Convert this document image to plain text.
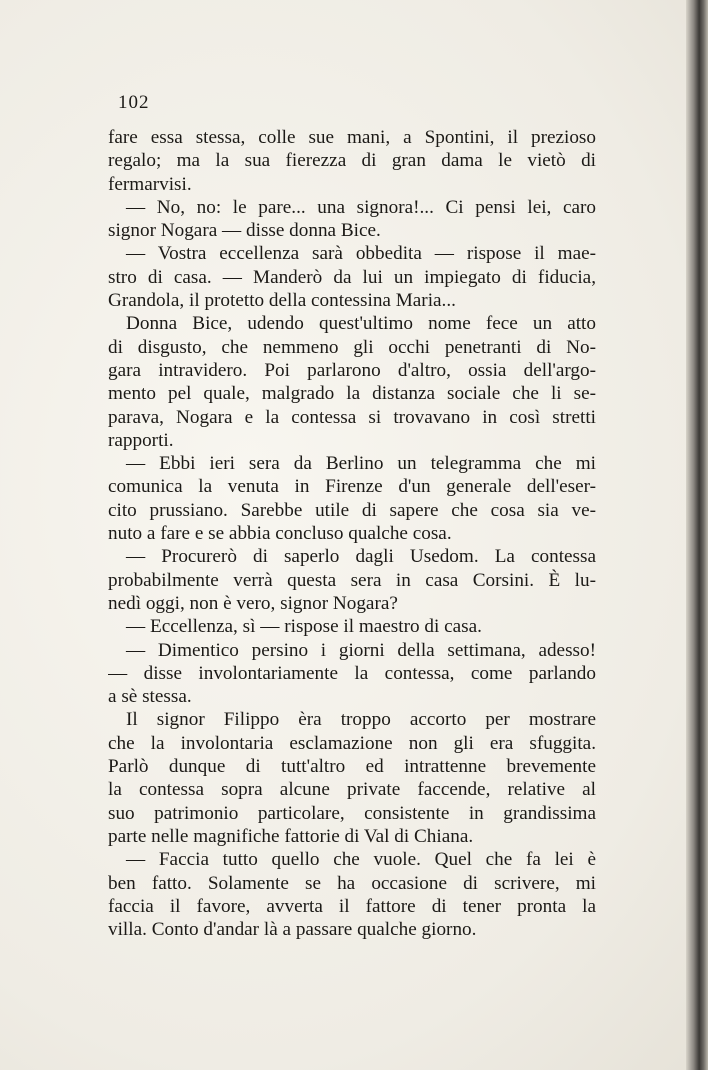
102
fare essa stessa, colle sue mani, a Spontini, il prezioso
regalo; ma la sua fierezza di gran dama le vietò di
fermarvisi.
— No, no: le pare... una signora!... Ci pensi lei, caro
signor Nogara — disse donna Bice.
— Vostra eccellenza sarà obbedita — rispose il mae-
stro di casa. — Manderò da lui un impiegato di fiducia,
Grandola, il protetto della contessina Maria...
Donna Bice, udendo quest'ultimo nome fece un atto
di disgusto, che nemmeno gli occhi penetranti di No-
gara intravidero. Poi parlarono d'altro, ossia dell'argo-
mento pel quale, malgrado la distanza sociale che li se-
parava, Nogara e la contessa si trovavano in così stretti
rapporti.
— Ebbi ieri sera da Berlino un telegramma che mi
comunica la venuta in Firenze d'un generale dell'eser-
cito prussiano. Sarebbe utile di sapere che cosa sia ve-
nuto a fare e se abbia concluso qualche cosa.
— Procurerò di saperlo dagli Usedom. La contessa
probabilmente verrà questa sera in casa Corsini. È lu-
nedì oggi, non è vero, signor Nogara?
— Eccellenza, sì — rispose il maestro di casa.
— Dimentico persino i giorni della settimana, adesso!
— disse involontariamente la contessa, come parlando
a sè stessa.
Il signor Filippo èra troppo accorto per mostrare
che la involontaria esclamazione non gli era sfuggita.
Parlò dunque di tutt'altro ed intrattenne brevemente
la contessa sopra alcune private faccende, relative al
suo patrimonio particolare, consistente in grandissima
parte nelle magnifiche fattorie di Val di Chiana.
— Faccia tutto quello che vuole. Quel che fa lei è
ben fatto. Solamente se ha occasione di scrivere, mi
faccia il favore, avverta il fattore di tener pronta la
villa. Conto d'andar là a passare qualche giorno.
